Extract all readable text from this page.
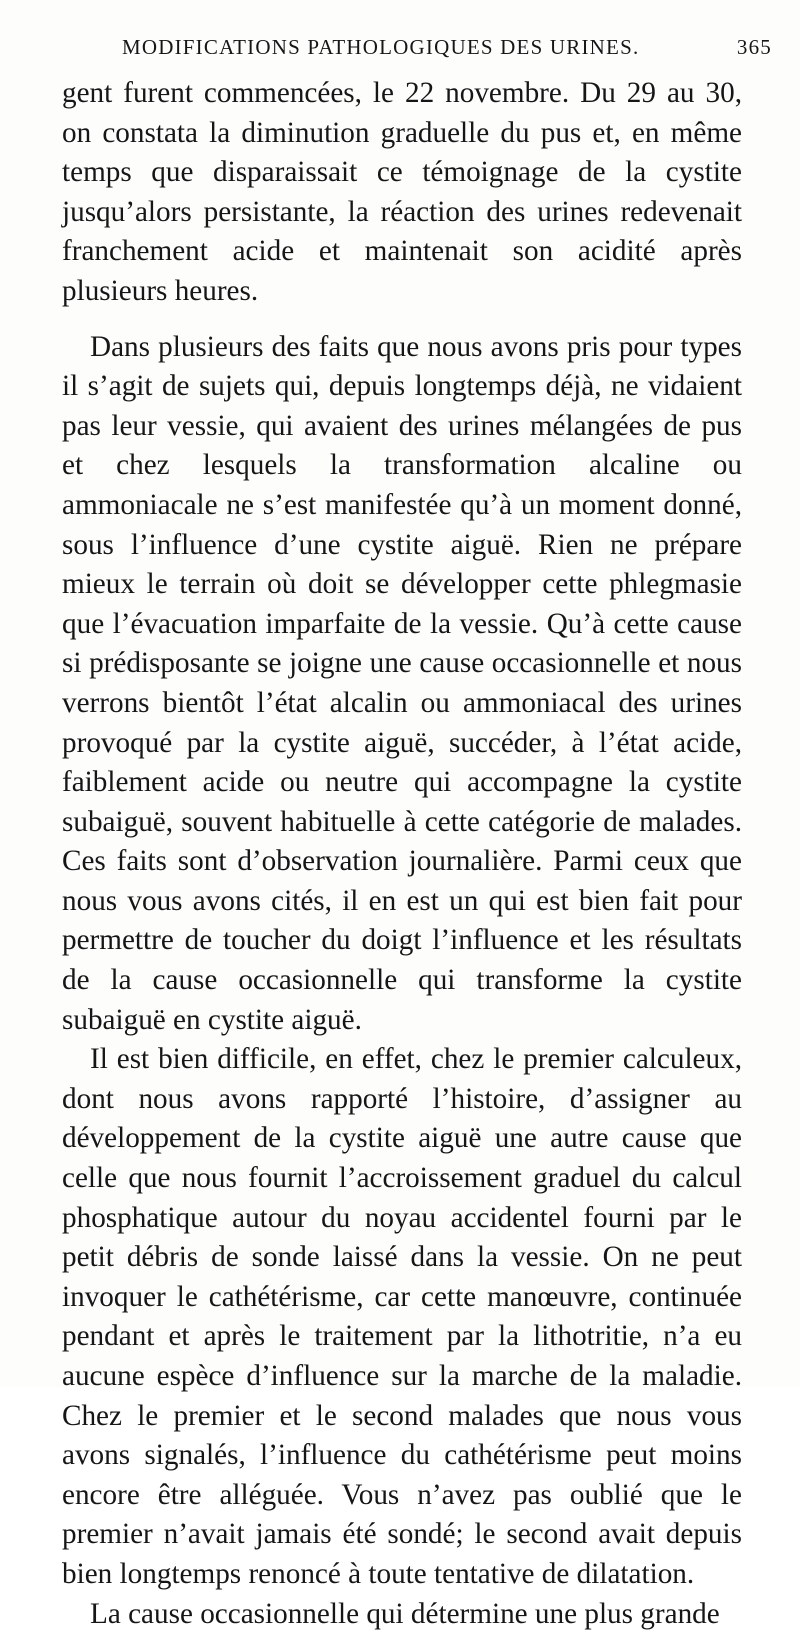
MODIFICATIONS PATHOLOGIQUES DES URINES.	365

gent furent commencées, le 22 novembre. Du 29 au 30, on constata la diminution graduelle du pus et, en même temps que disparaissait ce témoignage de la cystite jusqu’alors persistante, la réaction des urines redevenait franchement acide et maintenait son acidité après plusieurs heures.

Dans plusieurs des faits que nous avons pris pour types il s’agit de sujets qui, depuis longtemps déjà, ne vidaient pas leur vessie, qui avaient des urines mélangées de pus et chez lesquels la transformation alcaline ou ammoniacale ne s’est manifestée qu’à un moment donné, sous l’influence d’une cystite aiguë. Rien ne prépare mieux le terrain où doit se développer cette phlegmasie que l’évacuation imparfaite de la vessie. Qu’à cette cause si prédisposante se joigne une cause occasionnelle et nous verrons bientôt l’état alcalin ou ammoniacal des urines provoqué par la cystite aiguë, succéder, à l’état acide, faiblement acide ou neutre qui accompagne la cystite subaiguë, souvent habituelle à cette catégorie de malades. Ces faits sont d’observation journalière. Parmi ceux que nous vous avons cités, il en est un qui est bien fait pour permettre de toucher du doigt l’influence et les résultats de la cause occasionnelle qui transforme la cystite subaiguë en cystite aiguë.

Il est bien difficile, en effet, chez le premier calculeux, dont nous avons rapporté l’histoire, d’assigner au développement de la cystite aiguë une autre cause que celle que nous fournit l’accroissement graduel du calcul phosphatique autour du noyau accidentel fourni par le petit débris de sonde laissé dans la vessie. On ne peut invoquer le cathétérisme, car cette manœuvre, continuée pendant et après le traitement par la lithotritie, n’a eu aucune espèce d’influence sur la marche de la maladie. Chez le premier et le second malades que nous vous avons signalés, l’influence du cathétérisme peut moins encore être alléguée. Vous n’avez pas oublié que le premier n’avait jamais été sondé; le second avait depuis bien longtemps renoncé à toute tentative de dilatation.

La cause occasionnelle qui détermine une plus grande
